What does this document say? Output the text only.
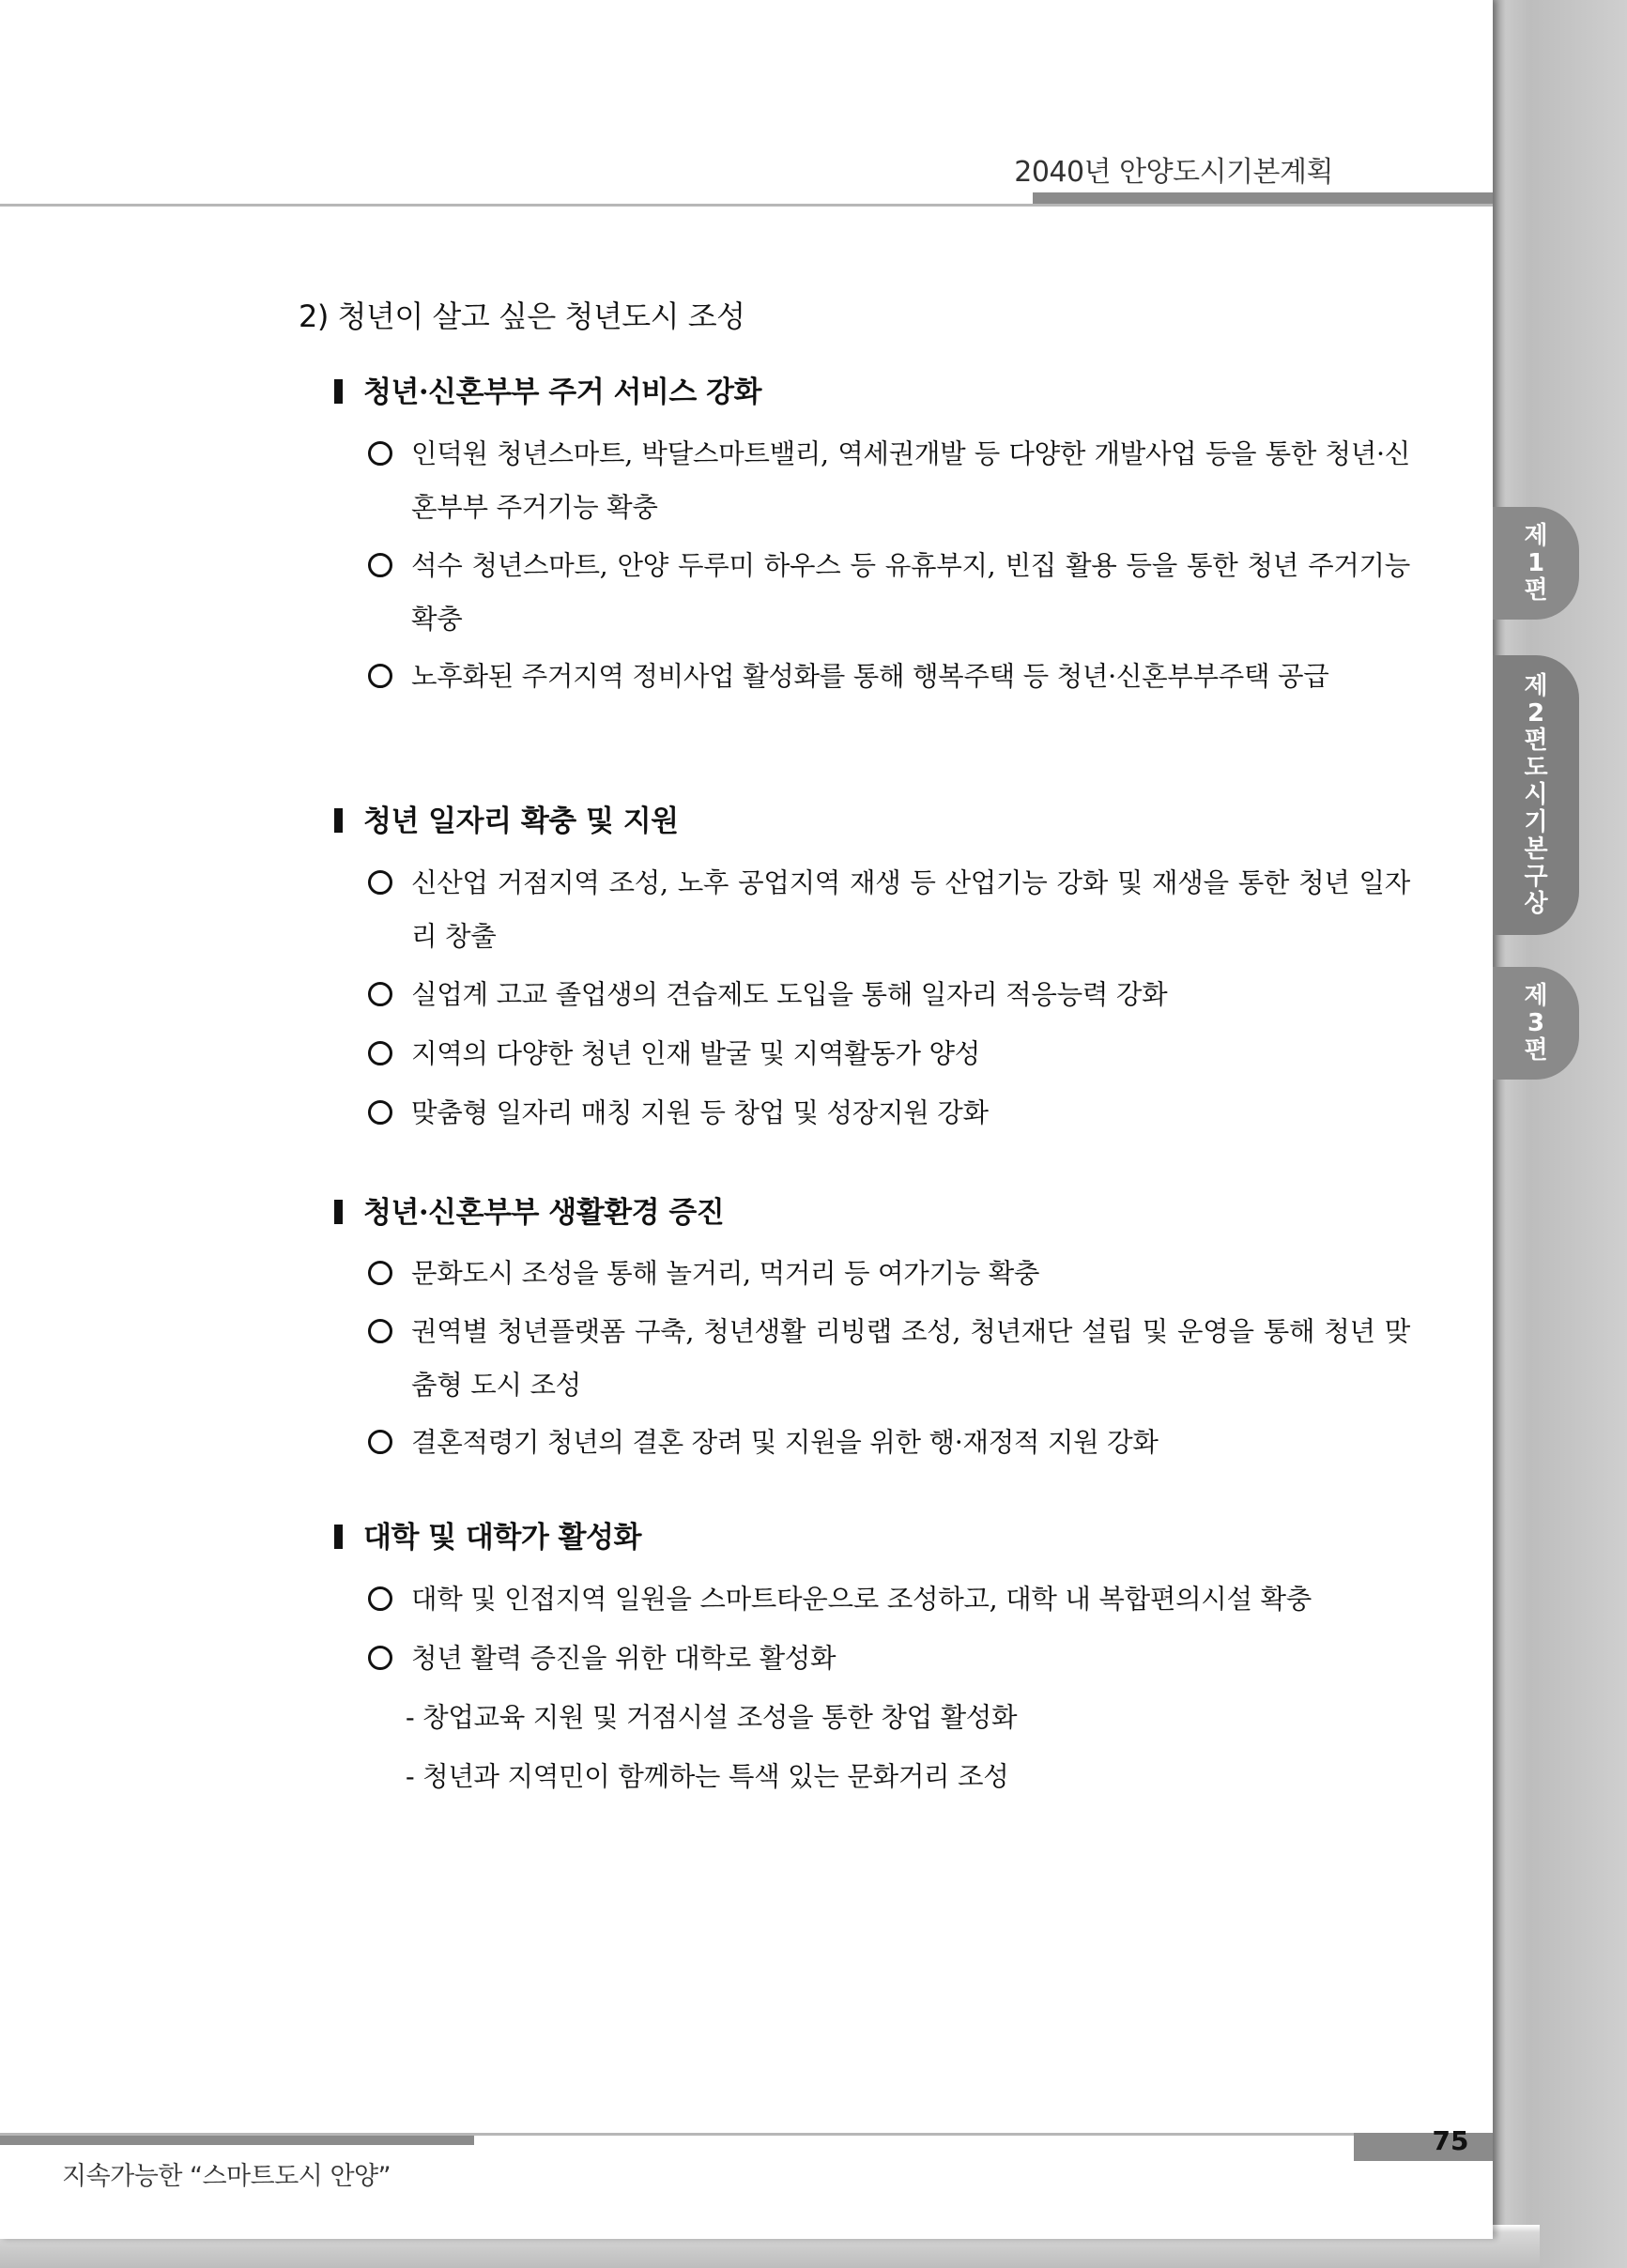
2040년 안양도시기본계획
2) 청년이 살고 싶은 청년도시 조성
청년·신혼부부 주거 서비스 강화
인덕원 청년스마트, 박달스마트밸리, 역세권개발 등 다양한 개발사업 등을 통한 청년·신혼부부 주거기능 확충
석수 청년스마트, 안양 두루미 하우스 등 유휴부지, 빈집 활용 등을 통한 청년 주거기능 확충
노후화된 주거지역 정비사업 활성화를 통해 행복주택 등 청년·신혼부부주택 공급
청년 일자리 확충 및 지원
신산업 거점지역 조성, 노후 공업지역 재생 등 산업기능 강화 및 재생을 통한 청년 일자리 창출
실업계 고교 졸업생의 견습제도 도입을 통해 일자리 적응능력 강화
지역의 다양한 청년 인재 발굴 및 지역활동가 양성
맞춤형 일자리 매칭 지원 등 창업 및 성장지원 강화
청년·신혼부부 생활환경 증진
문화도시 조성을 통해 놀거리, 먹거리 등 여가기능 확충
권역별 청년플랫폼 구축, 청년생활 리빙랩 조성, 청년재단 설립 및 운영을 통해 청년 맞춤형 도시 조성
결혼적령기 청년의 결혼 장려 및 지원을 위한 행·재정적 지원 강화
대학 및 대학가 활성화
대학 및 인접지역 일원을 스마트타운으로 조성하고, 대학 내 복합편의시설 확충
청년 활력 증진을 위한 대학로 활성화
- 창업교육 지원 및 거점시설 조성을 통한 창업 활성화
- 청년과 지역민이 함께하는 특색 있는 문화거리 조성
75
지속가능한 “스마트도시 안양”
제1편
제2편 도시기본구상
제3편
